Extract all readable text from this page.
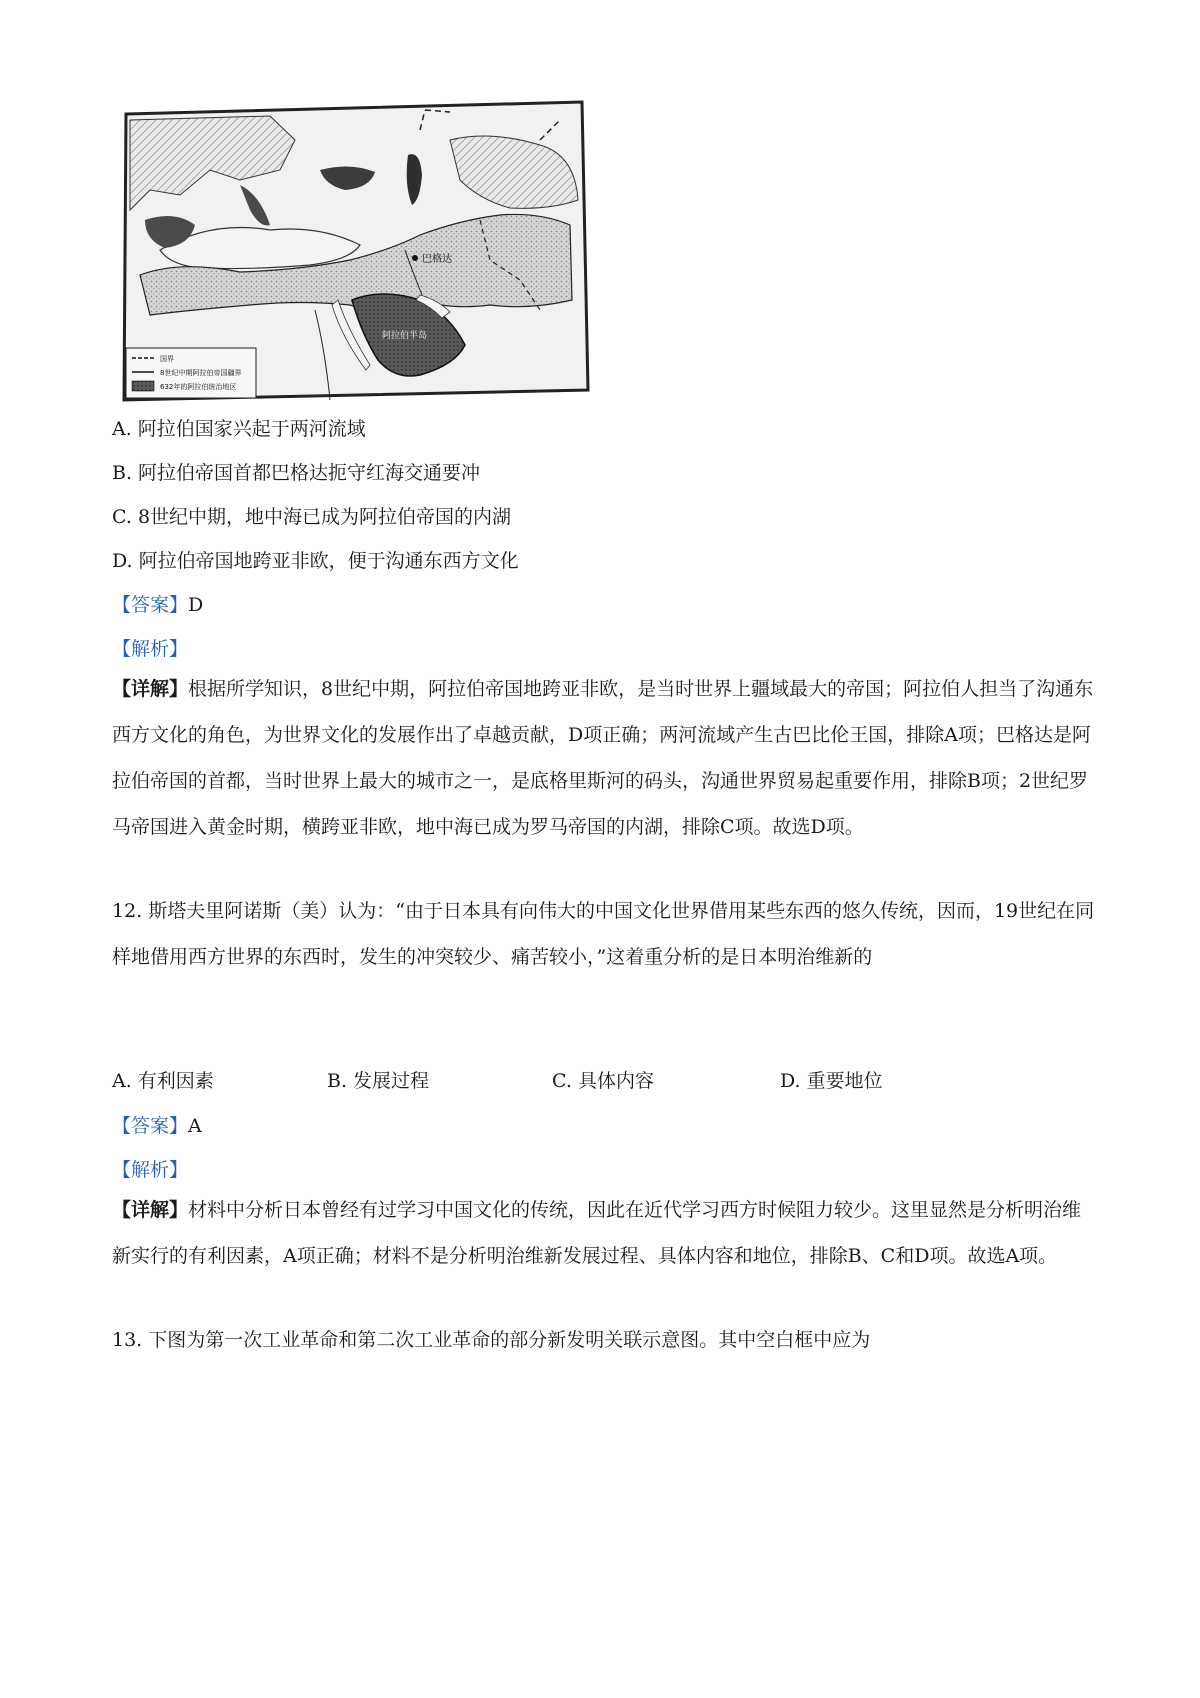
巴格达
阿拉伯半岛
国界
8世纪中期阿拉伯帝国疆界
632年的阿拉伯统治地区
A. 阿拉伯国家兴起于两河流域
B. 阿拉伯帝国首都巴格达扼守红海交通要冲
C. 8世纪中期，地中海已成为阿拉伯帝国的内湖
D. 阿拉伯帝国地跨亚非欧，便于沟通东西方文化
【答案】D
【解析】
【详解】根据所学知识，8世纪中期，阿拉伯帝国地跨亚非欧，是当时世界上疆域最大的帝国；阿拉伯人担当了沟通东西方文化的角色，为世界文化的发展作出了卓越贡献，D项正确；两河流域产生古巴比伦王国，排除A项；巴格达是阿拉伯帝国的首都，当时世界上最大的城市之一，是底格里斯河的码头，沟通世界贸易起重要作用，排除B项；2世纪罗马帝国进入黄金时期，横跨亚非欧，地中海已成为罗马帝国的内湖，排除C项。故选D项。
12. 斯塔夫里阿诺斯（美）认为：“由于日本具有向伟大的中国文化世界借用某些东西的悠久传统，因而，19世纪在同样地借用西方世界的东西时，发生的冲突较少、痛苦较小，”这着重分析的是日本明治维新的
A. 有利因素	B. 发展过程	C. 具体内容	D. 重要地位
【答案】A
【解析】
【详解】材料中分析日本曾经有过学习中国文化的传统，因此在近代学习西方时候阻力较少。这里显然是分析明治维新实行的有利因素，A项正确；材料不是分析明治维新发展过程、具体内容和地位，排除B、C和D项。故选A项。
13. 下图为第一次工业革命和第二次工业革命的部分新发明关联示意图。其中空白框中应为
